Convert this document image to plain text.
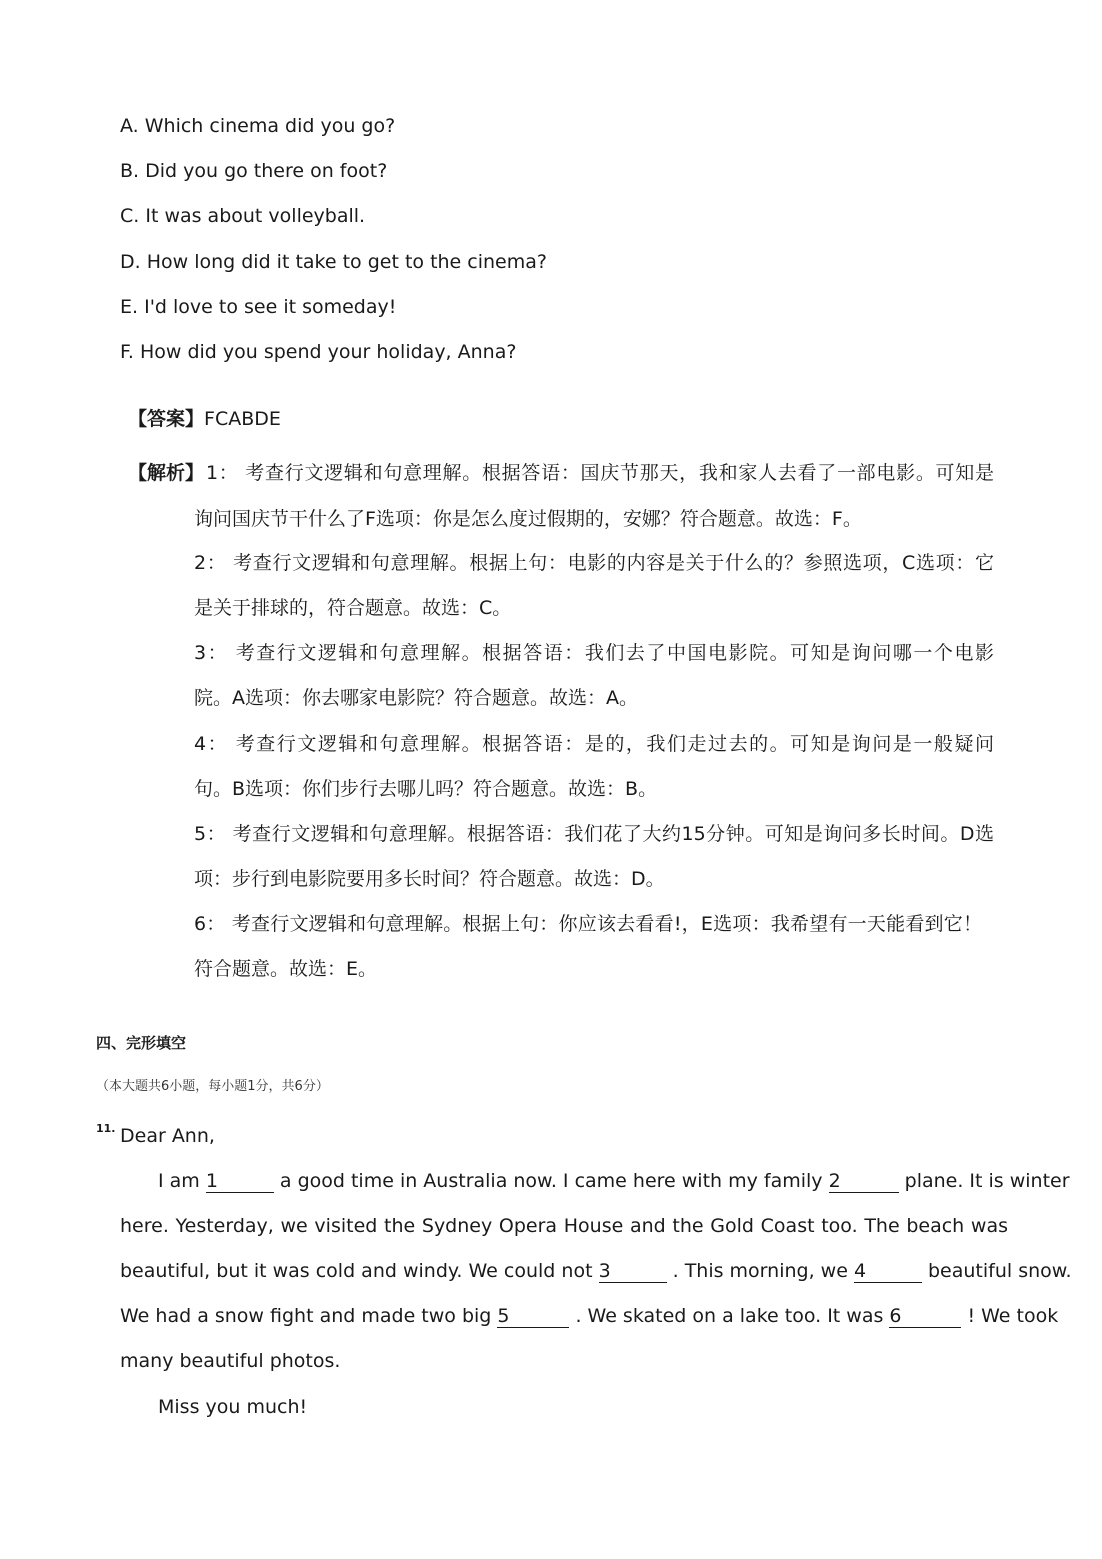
A. Which cinema did you go?
B. Did you go there on foot?
C. It was about volleyball.
D. How long did it take to get to the cinema?
E. I'd love to see it someday!
F. How did you spend your holiday, Anna?
【答案】FCABDE
【解析】 1： 考查行文逻辑和句意理解。根据答语：国庆节那天，我和家人去看了一部电影。可知是
询问国庆节干什么了F选项：你是怎么度过假期的，安娜？符合题意。故选：F。
2： 考查行文逻辑和句意理解。根据上句：电影的内容是关于什么的？参照选项，C选项：它
是关于排球的，符合题意。故选：C。
3： 考查行文逻辑和句意理解。根据答语：我们去了中国电影院。可知是询问哪一个电影
院。A选项：你去哪家电影院？符合题意。故选：A。
4： 考查行文逻辑和句意理解。根据答语：是的，我们走过去的。可知是询问是一般疑问
句。B选项：你们步行去哪儿吗？符合题意。故选：B。
5： 考查行文逻辑和句意理解。根据答语：我们花了大约15分钟。可知是询问多长时间。D选
项：步行到电影院要用多长时间？符合题意。故选：D。
6： 考查行文逻辑和句意理解。根据上句：你应该去看看!，E选项：我希望有一天能看到它！
符合题意。故选：E。
四、完形填空
（本大题共6小题，每小题1分，共6分）
11. Dear Ann,
I am 1	a good time in Australia now. I came here with my family 2	plane. It is winter
here. Yesterday, we visited the Sydney Opera House and the Gold Coast too. The beach was
beautiful, but it was cold and windy. We could not 3	. This morning, we 4	beautiful snow.
We had a snow fight and made two big 5	. We skated on a lake too. It was 6	! We took
many beautiful photos.
Miss you much!
